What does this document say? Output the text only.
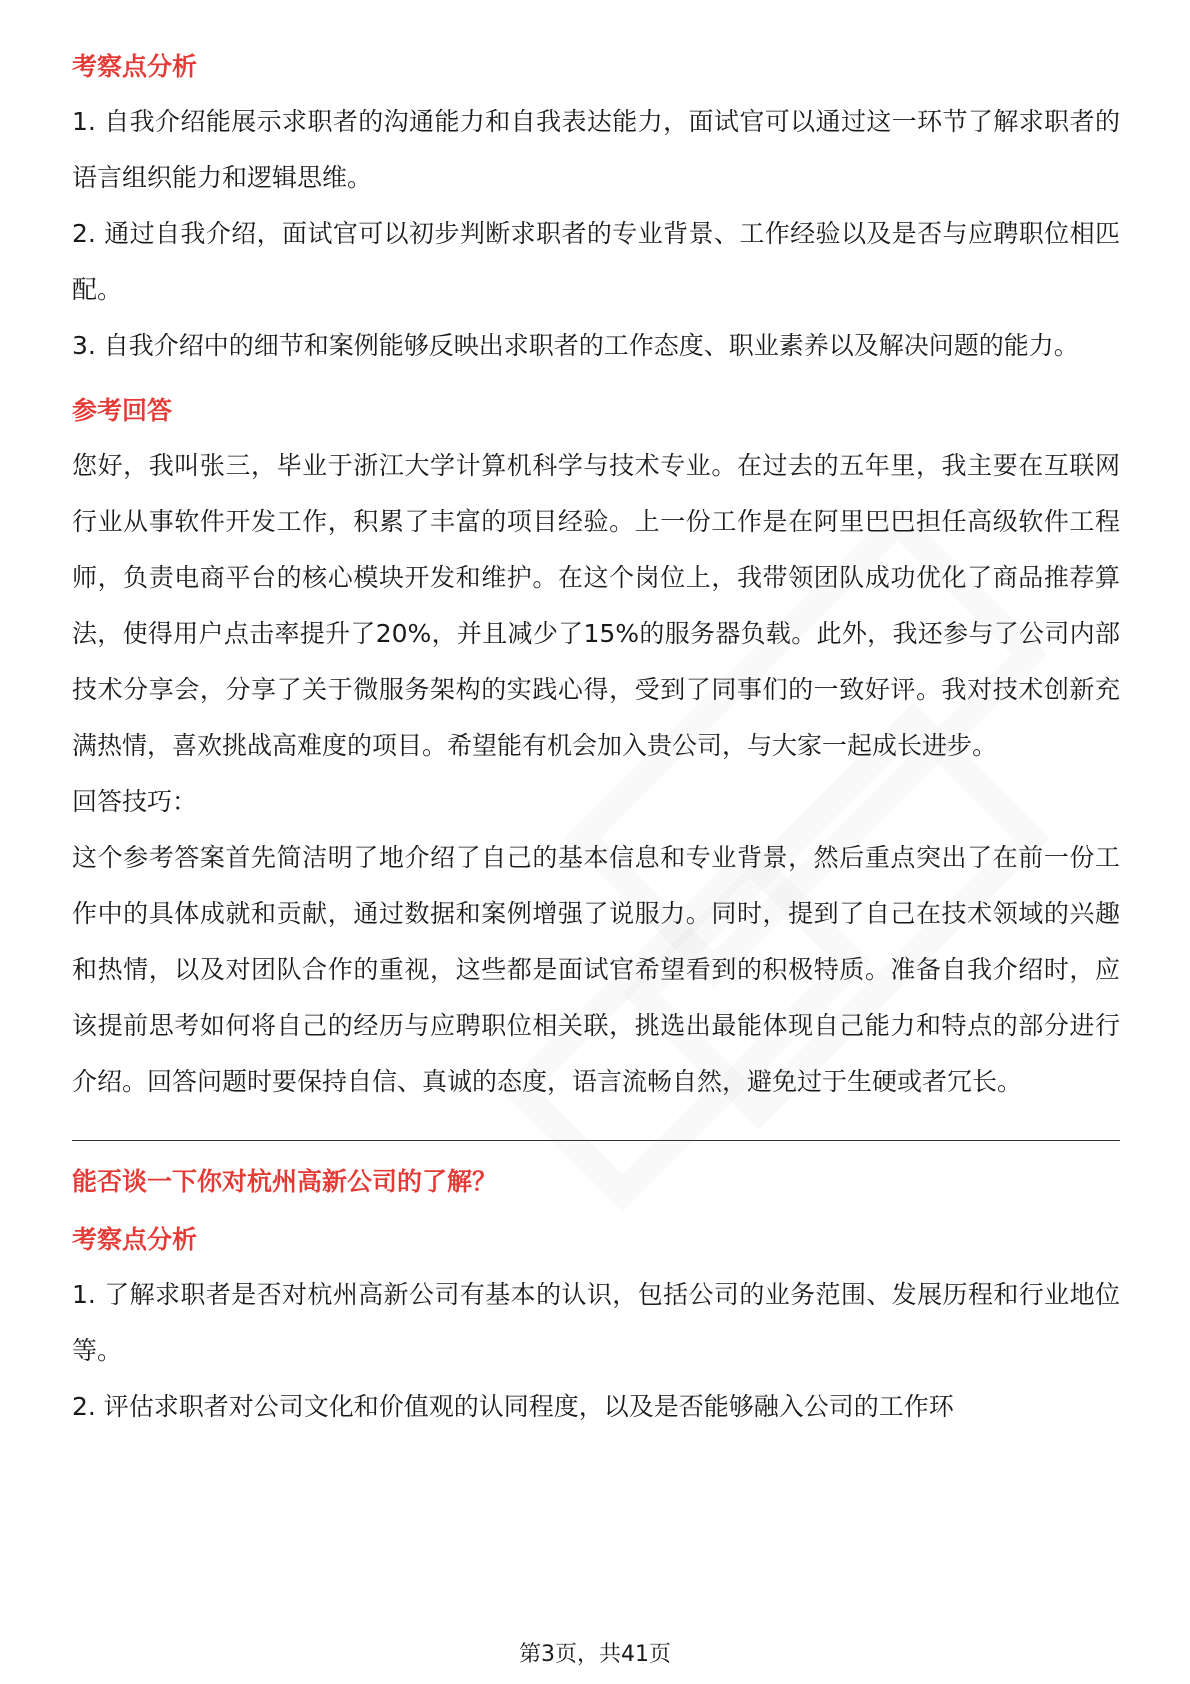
考察点分析

1. 自我介绍能展示求职者的沟通能力和自我表达能力，面试官可以通过这一环节了解求职者的语言组织能力和逻辑思维。

2. 通过自我介绍，面试官可以初步判断求职者的专业背景、工作经验以及是否与应聘职位相匹配。

3. 自我介绍中的细节和案例能够反映出求职者的工作态度、职业素养以及解决问题的能力。

参考回答

您好，我叫张三，毕业于浙江大学计算机科学与技术专业。在过去的五年里，我主要在互联网行业从事软件开发工作，积累了丰富的项目经验。上一份工作是在阿里巴巴担任高级软件工程师，负责电商平台的核心模块开发和维护。在这个岗位上，我带领团队成功优化了商品推荐算法，使得用户点击率提升了20%，并且减少了15%的服务器负载。此外，我还参与了公司内部技术分享会，分享了关于微服务架构的实践心得，受到了同事们的一致好评。我对技术创新充满热情，喜欢挑战高难度的项目。希望能有机会加入贵公司，与大家一起成长进步。

回答技巧：

这个参考答案首先简洁明了地介绍了自己的基本信息和专业背景，然后重点突出了在前一份工作中的具体成就和贡献，通过数据和案例增强了说服力。同时，提到了自己在技术领域的兴趣和热情，以及对团队合作的重视，这些都是面试官希望看到的积极特质。准备自我介绍时，应该提前思考如何将自己的经历与应聘职位相关联，挑选出最能体现自己能力和特点的部分进行介绍。回答问题时要保持自信、真诚的态度，语言流畅自然，避免过于生硬或者冗长。

能否谈一下你对杭州高新公司的了解？

考察点分析

1. 了解求职者是否对杭州高新公司有基本的认识，包括公司的业务范围、发展历程和行业地位等。

2. 评估求职者对公司文化和价值观的认同程度，以及是否能够融入公司的工作环

第3页，共41页
